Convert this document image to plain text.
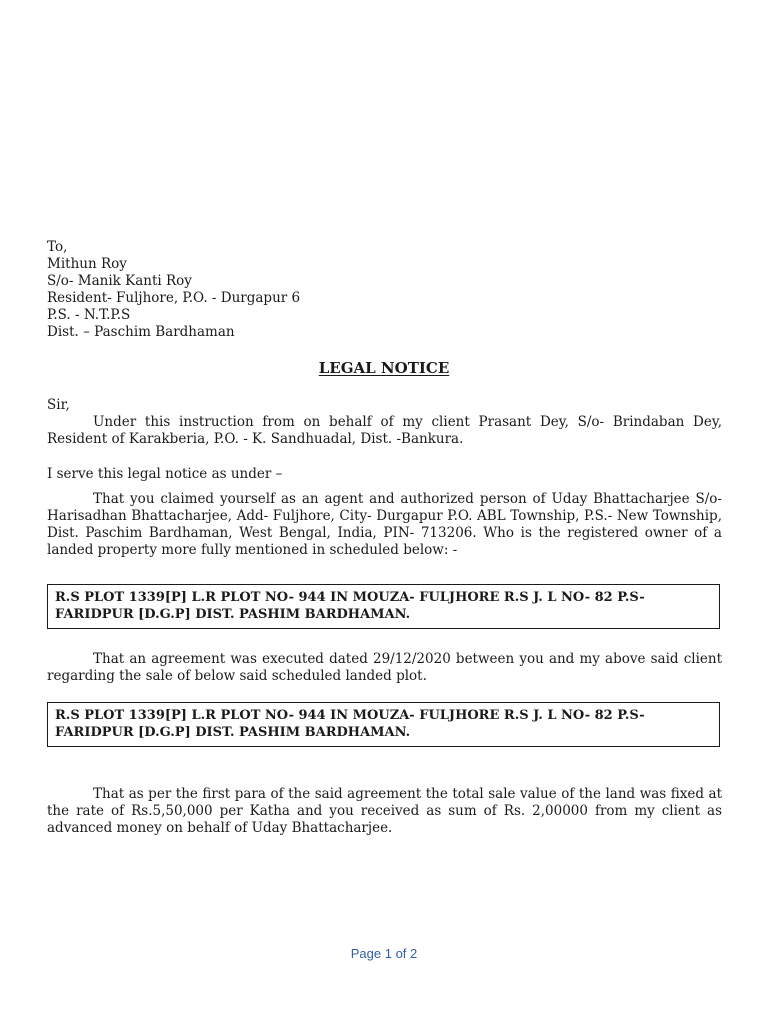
To,
Mithun Roy
S/o- Manik Kanti Roy
Resident- Fuljhore, P.O. - Durgapur 6
P.S. - N.T.P.S
Dist. – Paschim Bardhaman
LEGAL NOTICE
Sir,
Under this instruction from on behalf of my client Prasant Dey, S/o- Brindaban Dey, Resident of Karakberia, P.O. - K. Sandhuadal, Dist. -Bankura.
I serve this legal notice as under –
That you claimed yourself as an agent and authorized person of Uday Bhattacharjee S/o- Harisadhan Bhattacharjee, Add- Fuljhore, City- Durgapur P.O. ABL Township, P.S.- New Township, Dist. Paschim Bardhaman, West Bengal, India, PIN- 713206. Who is the registered owner of a landed property more fully mentioned in scheduled below: -
R.S PLOT 1339[P] L.R PLOT NO- 944 IN MOUZA- FULJHORE R.S J. L NO- 82 P.S- FARIDPUR [D.G.P] DIST. PASHIM BARDHAMAN.
That an agreement was executed dated 29/12/2020 between you and my above said client regarding the sale of below said scheduled landed plot.
R.S PLOT 1339[P] L.R PLOT NO- 944 IN MOUZA- FULJHORE R.S J. L NO- 82 P.S- FARIDPUR [D.G.P] DIST. PASHIM BARDHAMAN.
That as per the first para of the said agreement the total sale value of the land was fixed at the rate of Rs.5,50,000 per Katha and you received as sum of Rs. 2,00000 from my client as advanced money on behalf of Uday Bhattacharjee.
Page 1 of 2
